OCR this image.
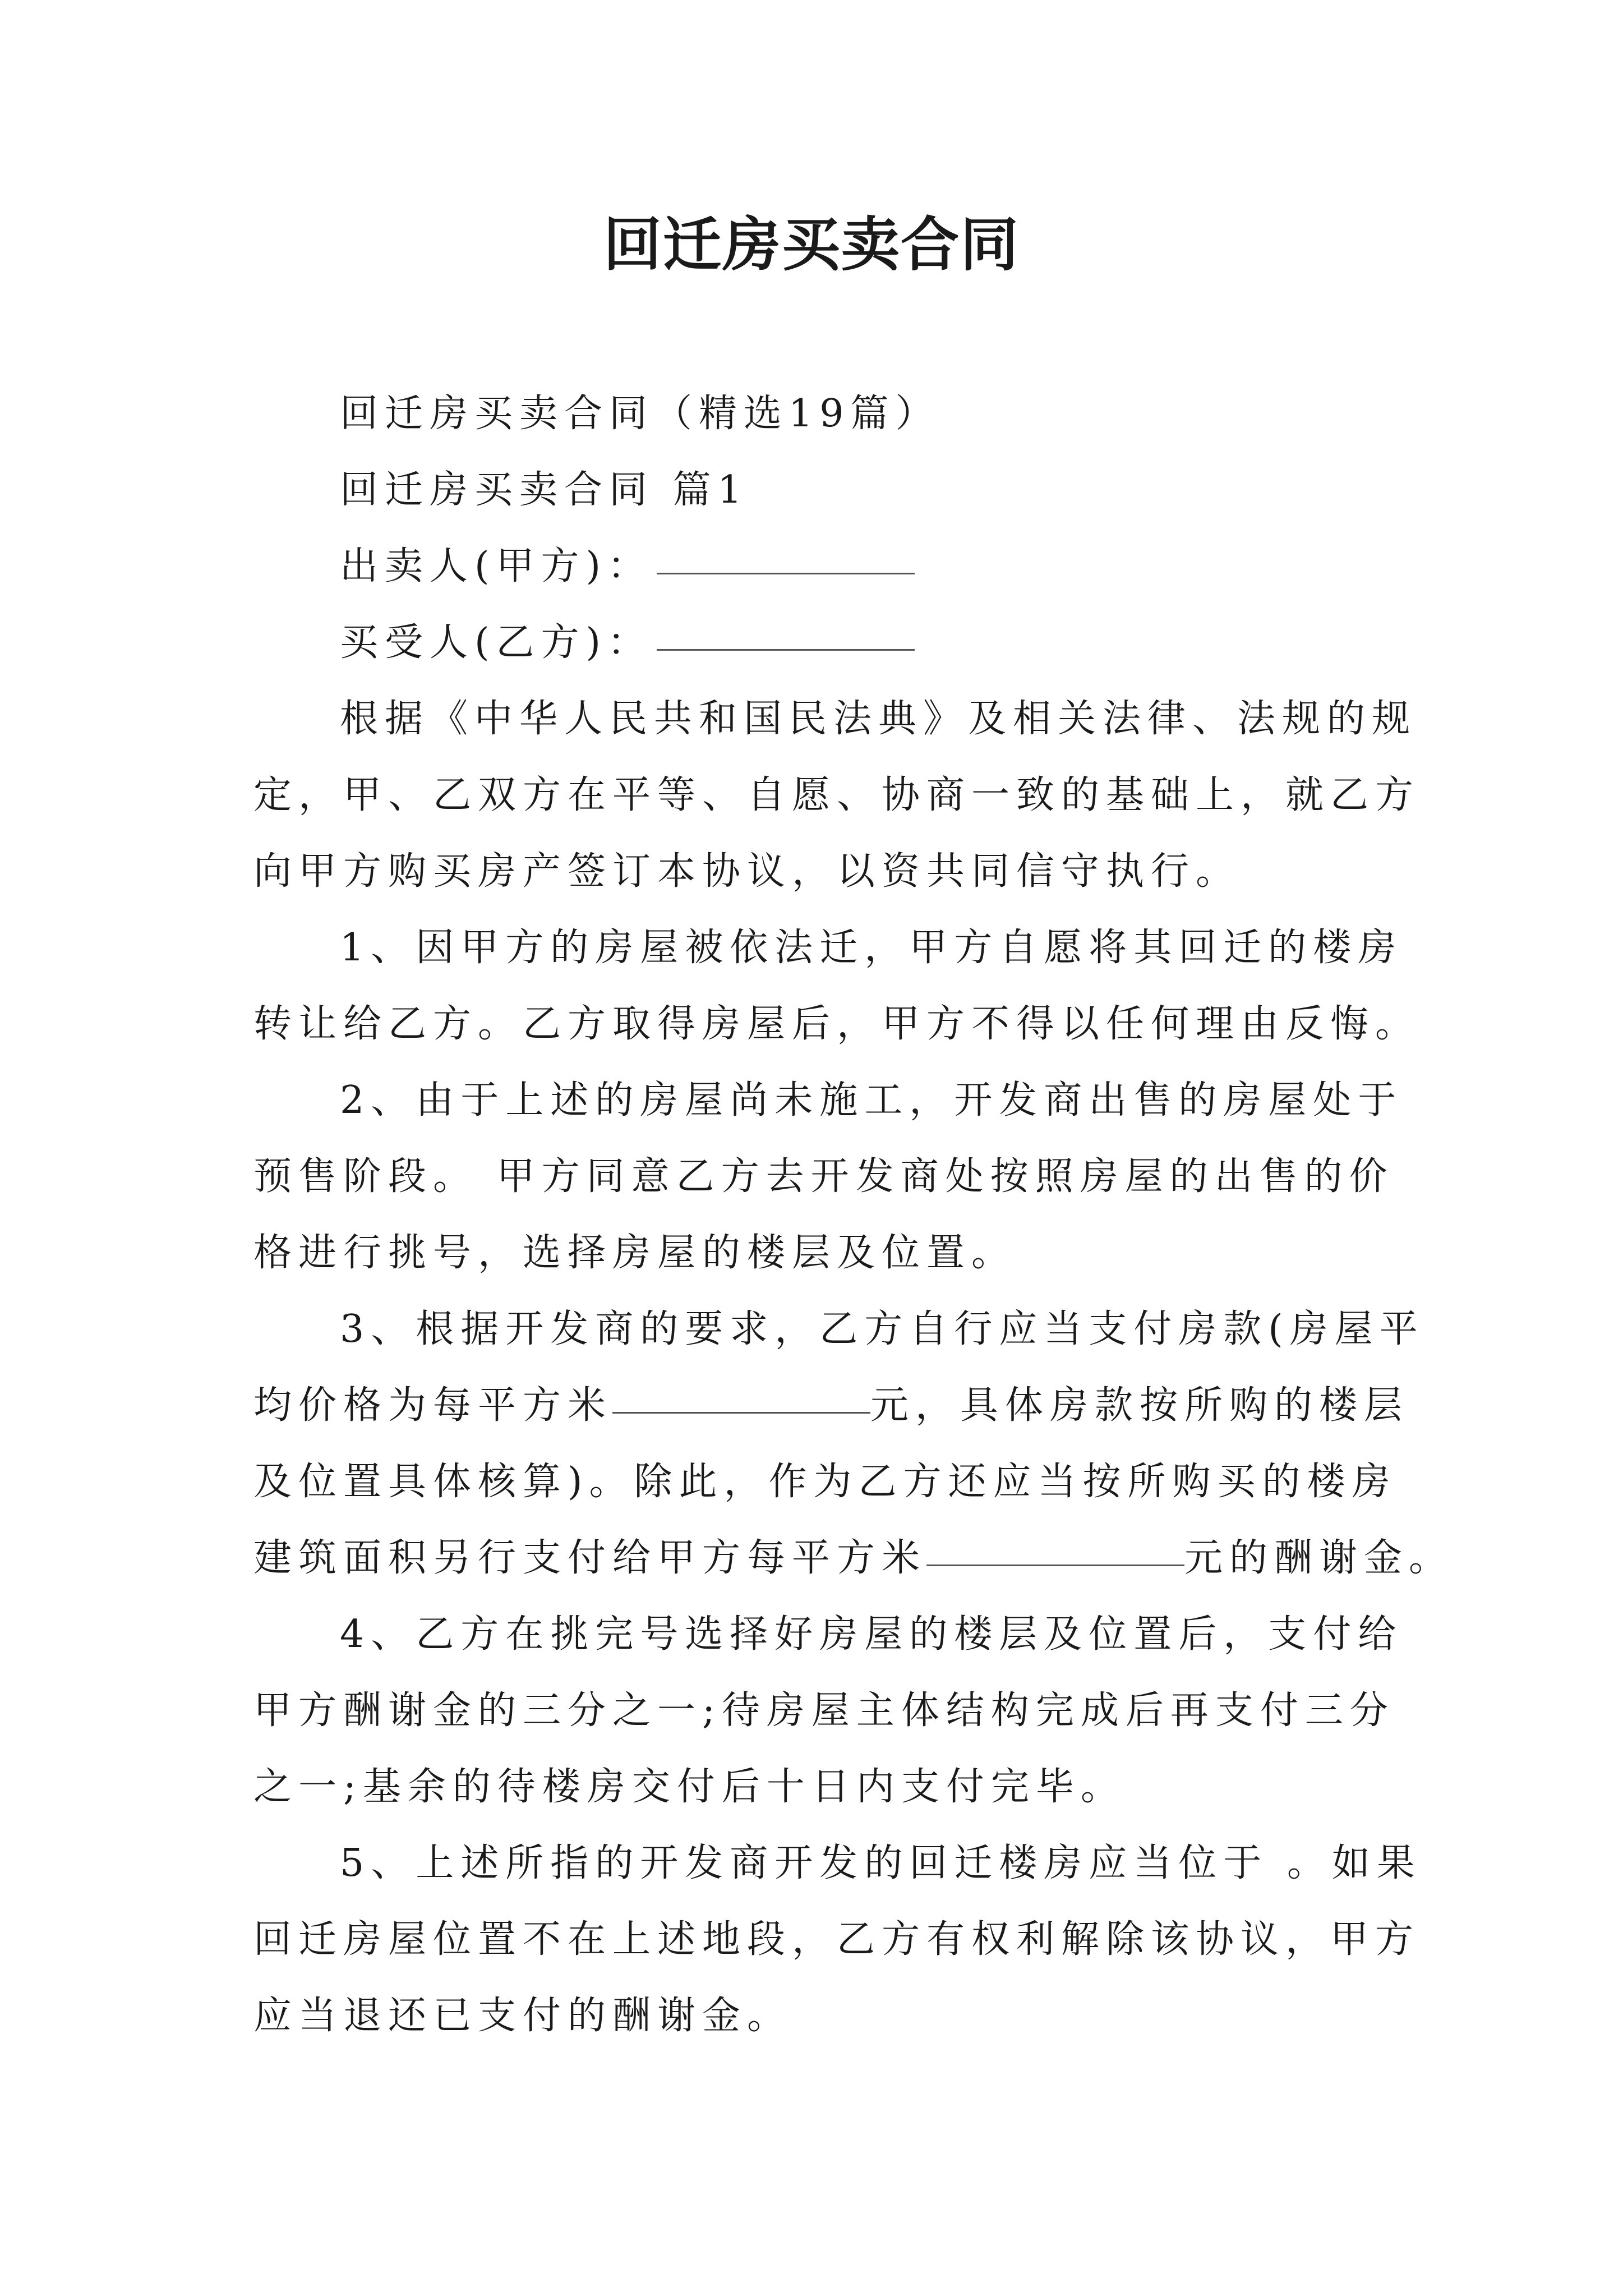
回迁房买卖合同

回迁房买卖合同（精选19篇）

回迁房买卖合同 篇1

出卖人(甲方)：

买受人(乙方)：

根据《中华人民共和国民法典》及相关法律、法规的规

定，甲、乙双方在平等、自愿、协商一致的基础上，就乙方

向甲方购买房产签订本协议，以资共同信守执行。

1、因甲方的房屋被依法迁，甲方自愿将其回迁的楼房

转让给乙方。乙方取得房屋后，甲方不得以任何理由反悔。

2、由于上述的房屋尚未施工，开发商出售的房屋处于

预售阶段。 甲方同意乙方去开发商处按照房屋的出售的价

格进行挑号，选择房屋的楼层及位置。

3、根据开发商的要求，乙方自行应当支付房款(房屋平

均价格为每平方米	元，具体房款按所购的楼层

及位置具体核算)。除此，作为乙方还应当按所购买的楼房

建筑面积另行支付给甲方每平方米	元的酬谢金。

4、乙方在挑完号选择好房屋的楼层及位置后，支付给

甲方酬谢金的三分之一;待房屋主体结构完成后再支付三分

之一;基余的待楼房交付后十日内支付完毕。

5、上述所指的开发商开发的回迁楼房应当位于 。如果

回迁房屋位置不在上述地段，乙方有权利解除该协议，甲方

应当退还已支付的酬谢金。
